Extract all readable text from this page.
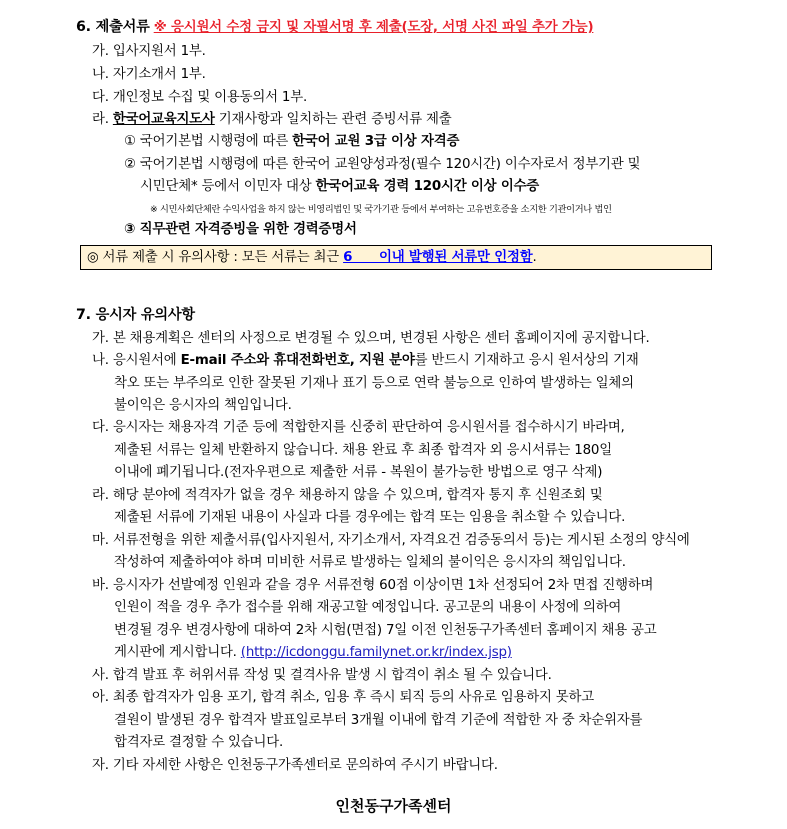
6. 제출서류 ※ 응시원서 수정 금지 및 자필서명 후 제출(도장, 서명 사진 파일 추가 가능)
가. 입사지원서 1부.
나. 자기소개서 1부.
다. 개인정보 수집 및 이용동의서 1부.
라. 한국어교육지도사 기재사항과 일치하는 관련 증빙서류 제출
① 국어기본법 시행령에 따른 한국어 교원 3급 이상 자격증
② 국어기본법 시행령에 따른 한국어 교원양성과정(필수 120시간) 이수자로서 정부기관 및
시민단체* 등에서 이민자 대상 한국어교육 경력 120시간 이상 이수증
※ 시민사회단체란 수익사업을 하지 않는 비영리법인 및 국가기관 등에서 부여하는 고유번호증을 소지한 기관이거나 법인
③ 직무관련 자격증빙을 위한 경력증명서
◎ 서류 제출 시 유의사항 : 모든 서류는 최근 6      이내 발행된 서류만 인정함.
7. 응시자 유의사항
가. 본 채용계획은 센터의 사정으로 변경될 수 있으며, 변경된 사항은 센터 홈페이지에 공지합니다.
나. 응시원서에 E-mail 주소와 휴대전화번호, 지원 분야를 반드시 기재하고 응시 원서상의 기재
착오 또는 부주의로 인한 잘못된 기재나 표기 등으로 연락 불능으로 인하여 발생하는 일체의
불이익은 응시자의 책임입니다.
다. 응시자는 채용자격 기준 등에 적합한지를 신중히 판단하여 응시원서를 접수하시기 바라며,
제출된 서류는 일체 반환하지 않습니다. 채용 완료 후 최종 합격자 외 응시서류는 180일
이내에 폐기됩니다.(전자우편으로 제출한 서류 - 복원이 불가능한 방법으로 영구 삭제)
라. 해당 분야에 적격자가 없을 경우 채용하지 않을 수 있으며, 합격자 통지 후 신원조회 및
제출된 서류에 기재된 내용이 사실과 다를 경우에는 합격 또는 임용을 취소할 수 있습니다.
마. 서류전형을 위한 제출서류(입사지원서, 자기소개서, 자격요건 검증동의서 등)는 게시된 소정의 양식에
작성하여 제출하여야 하며 미비한 서류로 발생하는 일체의 불이익은 응시자의 책임입니다.
바. 응시자가 선발예정 인원과 같을 경우 서류전형 60점 이상이면 1차 선정되어 2차 면접 진행하며
인원이 적을 경우 추가 접수를 위해 재공고할 예정입니다. 공고문의 내용이 사정에 의하여
변경될 경우 변경사항에 대하여 2차 시험(면접) 7일 이전 인천동구가족센터 홈페이지 채용 공고
게시판에 게시합니다. (http://icdonggu.familynet.or.kr/index.jsp)
사. 합격 발표 후 허위서류 작성 및 결격사유 발생 시 합격이 취소 될 수 있습니다.
아. 최종 합격자가 임용 포기, 합격 취소, 임용 후 즉시 퇴직 등의 사유로 임용하지 못하고
결원이 발생된 경우 합격자 발표일로부터 3개월 이내에 합격 기준에 적합한 자 중 차순위자를
합격자로 결정할 수 있습니다.
자. 기타 자세한 사항은 인천동구가족센터로 문의하여 주시기 바랍니다.
인천동구가족센터
